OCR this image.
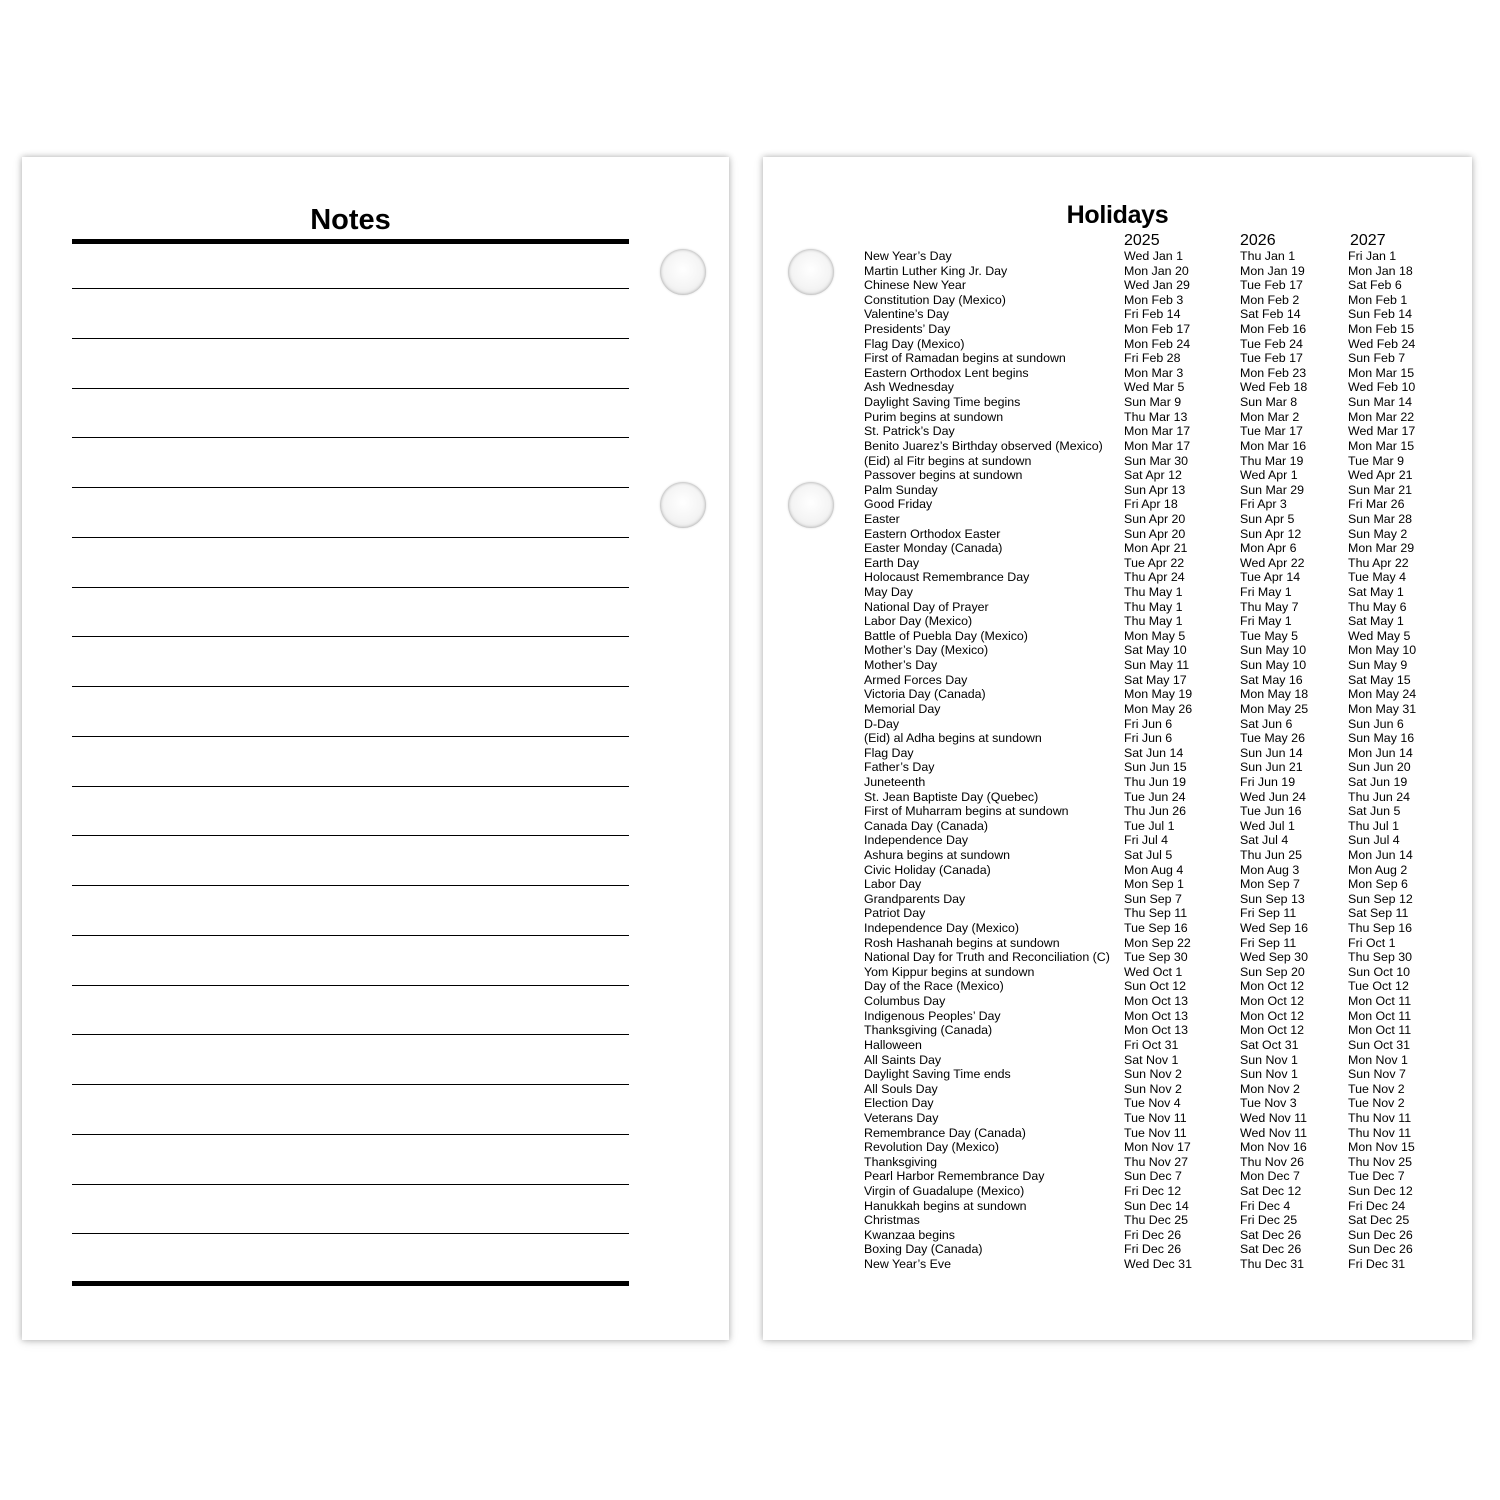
Notes	Holidays
2025	2026	2027
New Year’s Day	Wed Jan 1	Thu Jan 1	Fri Jan 1
Martin Luther King Jr. Day	Mon Jan 20	Mon Jan 19	Mon Jan 18
Chinese New Year	Wed Jan 29	Tue Feb 17	Sat Feb 6
Constitution Day (Mexico)	Mon Feb 3	Mon Feb 2	Mon Feb 1
Valentine’s Day	Fri Feb 14	Sat Feb 14	Sun Feb 14
Presidents’ Day	Mon Feb 17	Mon Feb 16	Mon Feb 15
Flag Day (Mexico)	Mon Feb 24	Tue Feb 24	Wed Feb 24
First of Ramadan begins at sundown	Fri Feb 28	Tue Feb 17	Sun Feb 7
Eastern Orthodox Lent begins	Mon Mar 3	Mon Feb 23	Mon Mar 15
Ash Wednesday	Wed Mar 5	Wed Feb 18	Wed Feb 10
Daylight Saving Time begins	Sun Mar 9	Sun Mar 8	Sun Mar 14
Purim begins at sundown	Thu Mar 13	Mon Mar 2	Mon Mar 22
St. Patrick’s Day	Mon Mar 17	Tue Mar 17	Wed Mar 17
Benito Juarez’s Birthday observed (Mexico) Mon Mar 17	Mon Mar 16	Mon Mar 15
(Eid) al Fitr begins at sundown	Sun Mar 30	Thu Mar 19	Tue Mar 9
Passover begins at sundown	Sat Apr 12	Wed Apr 1	Wed Apr 21
Palm Sunday	Sun Apr 13	Sun Mar 29	Sun Mar 21
Good Friday	Fri Apr 18	Fri Apr 3	Fri Mar 26
Easter	Sun Apr 20	Sun Apr 5	Sun Mar 28
Eastern Orthodox Easter	Sun Apr 20	Sun Apr 12	Sun May 2
Easter Monday (Canada)	Mon Apr 21	Mon Apr 6	Mon Mar 29
Earth Day	Tue Apr 22	Wed Apr 22	Thu Apr 22
Holocaust Remembrance Day	Thu Apr 24	Tue Apr 14	Tue May 4
May Day	Thu May 1	Fri May 1	Sat May 1
National Day of Prayer	Thu May 1	Thu May 7	Thu May 6
Labor Day (Mexico)	Thu May 1	Fri May 1	Sat May 1
Battle of Puebla Day (Mexico)	Mon May 5	Tue May 5	Wed May 5
Mother’s Day (Mexico)	Sat May 10	Sun May 10	Mon May 10
Mother’s Day	Sun May 11	Sun May 10	Sun May 9
Armed Forces Day	Sat May 17	Sat May 16	Sat May 15
Victoria Day (Canada)	Mon May 19	Mon May 18	Mon May 24
Memorial Day	Mon May 26	Mon May 25	Mon May 31
D-Day	Fri Jun 6	Sat Jun 6	Sun Jun 6
(Eid) al Adha begins at sundown	Fri Jun 6	Tue May 26	Sun May 16
Flag Day	Sat Jun 14	Sun Jun 14	Mon Jun 14
Father’s Day	Sun Jun 15	Sun Jun 21	Sun Jun 20
Juneteenth	Thu Jun 19	Fri Jun 19	Sat Jun 19
St. Jean Baptiste Day (Quebec)	Tue Jun 24	Wed Jun 24	Thu Jun 24
First of Muharram begins at sundown	Thu Jun 26	Tue Jun 16	Sat Jun 5
Canada Day (Canada)	Tue Jul 1	Wed Jul 1	Thu Jul 1
Independence Day	Fri Jul 4	Sat Jul 4	Sun Jul 4
Ashura begins at sundown	Sat Jul 5	Thu Jun 25	Mon Jun 14
Civic Holiday (Canada)	Mon Aug 4	Mon Aug 3	Mon Aug 2
Labor Day	Mon Sep 1	Mon Sep 7	Mon Sep 6
Grandparents Day	Sun Sep 7	Sun Sep 13	Sun Sep 12
Patriot Day	Thu Sep 11	Fri Sep 11	Sat Sep 11
Independence Day (Mexico)	Tue Sep 16	Wed Sep 16	Thu Sep 16
Rosh Hashanah begins at sundown	Mon Sep 22	Fri Sep 11	Fri Oct 1
National Day for Truth and Reconciliation (C) Tue Sep 30	Wed Sep 30	Thu Sep 30
Yom Kippur begins at sundown	Wed Oct 1	Sun Sep 20	Sun Oct 10
Day of the Race (Mexico)	Sun Oct 12	Mon Oct 12	Tue Oct 12
Columbus Day	Mon Oct 13	Mon Oct 12	Mon Oct 11
Indigenous Peoples’ Day	Mon Oct 13	Mon Oct 12	Mon Oct 11
Thanksgiving (Canada)	Mon Oct 13	Mon Oct 12	Mon Oct 11
Halloween	Fri Oct 31	Sat Oct 31	Sun Oct 31
All Saints Day	Sat Nov 1	Sun Nov 1	Mon Nov 1
Daylight Saving Time ends	Sun Nov 2	Sun Nov 1	Sun Nov 7
All Souls Day	Sun Nov 2	Mon Nov 2	Tue Nov 2
Election Day	Tue Nov 4	Tue Nov 3	Tue Nov 2
Veterans Day	Tue Nov 11	Wed Nov 11	Thu Nov 11
Remembrance Day (Canada)	Tue Nov 11	Wed Nov 11	Thu Nov 11
Revolution Day (Mexico)	Mon Nov 17	Mon Nov 16	Mon Nov 15
Thanksgiving	Thu Nov 27	Thu Nov 26	Thu Nov 25
Pearl Harbor Remembrance Day	Sun Dec 7	Mon Dec 7	Tue Dec 7
Virgin of Guadalupe (Mexico)	Fri Dec 12	Sat Dec 12	Sun Dec 12
Hanukkah begins at sundown	Sun Dec 14	Fri Dec 4	Fri Dec 24
Christmas	Thu Dec 25	Fri Dec 25	Sat Dec 25
Kwanzaa begins	Fri Dec 26	Sat Dec 26	Sun Dec 26
Boxing Day (Canada)	Fri Dec 26	Sat Dec 26	Sun Dec 26
New Year’s Eve	Wed Dec 31	Thu Dec 31	Fri Dec 31
